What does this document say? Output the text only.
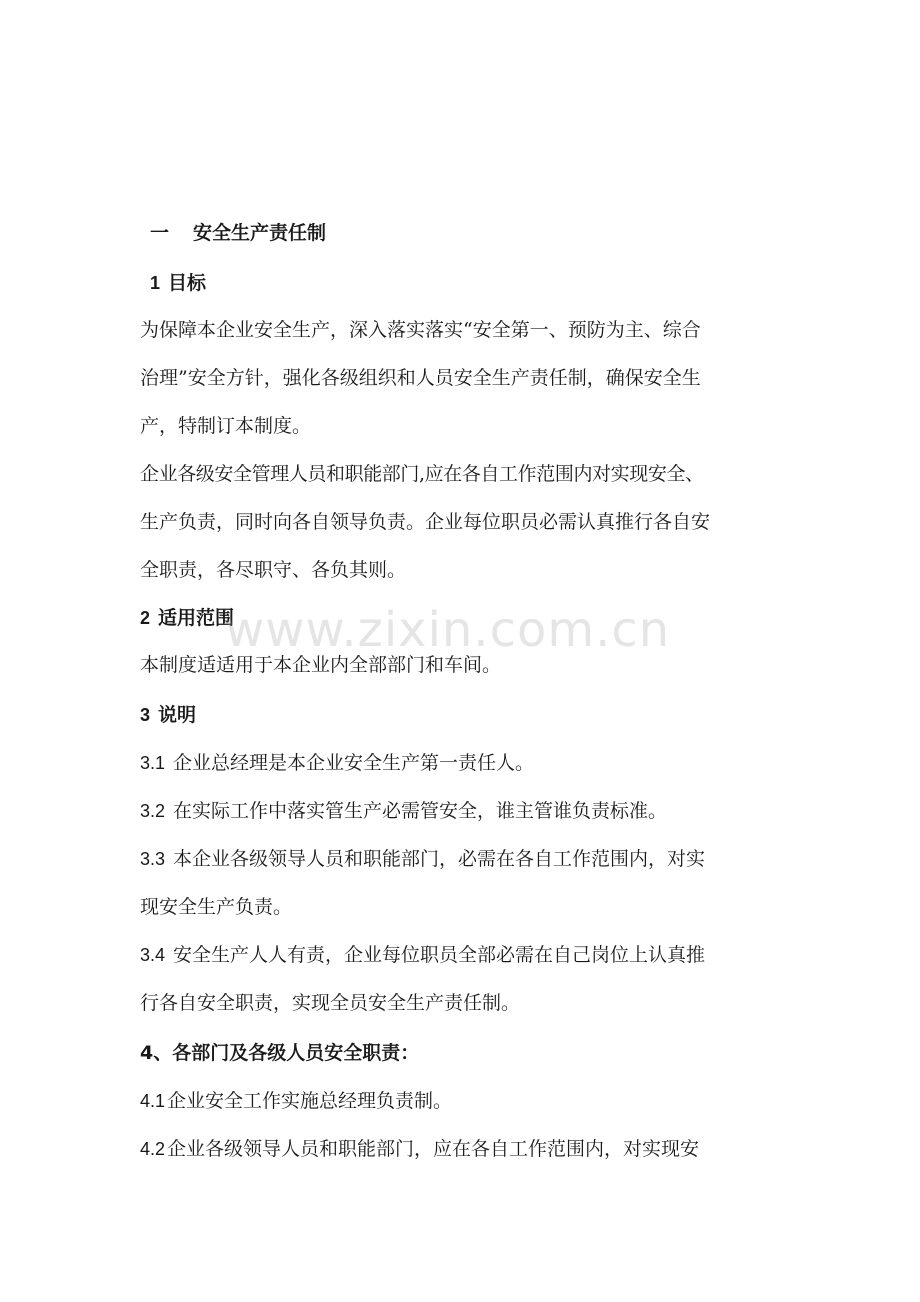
一 安全生产责任制
1 目标
为保障本企业安全生产，深入落实落实“安全第一、预防为主、综合
治理”安全方针，强化各级组织和人员安全生产责任制，确保安全生
产，特制订本制度。
企业各级安全管理人员和职能部门,应在各自工作范围内对实现安全、
生产负责，同时向各自领导负责。企业每位职员必需认真推行各自安
全职责，各尽职守、各负其则。
2 适用范围
本制度适适用于本企业内全部部门和车间。
3 说明
3.1 企业总经理是本企业安全生产第一责任人。
3.2 在实际工作中落实管生产必需管安全，谁主管谁负责标准。
3.3 本企业各级领导人员和职能部门，必需在各自工作范围内，对实
现安全生产负责。
3.4 安全生产人人有责，企业每位职员全部必需在自己岗位上认真推
行各自安全职责，实现全员安全生产责任制。
4、各部门及各级人员安全职责：
4.1 企业安全工作实施总经理负责制。
4.2 企业各级领导人员和职能部门，应在各自工作范围内，对实现安
www.zixin.com.cn
